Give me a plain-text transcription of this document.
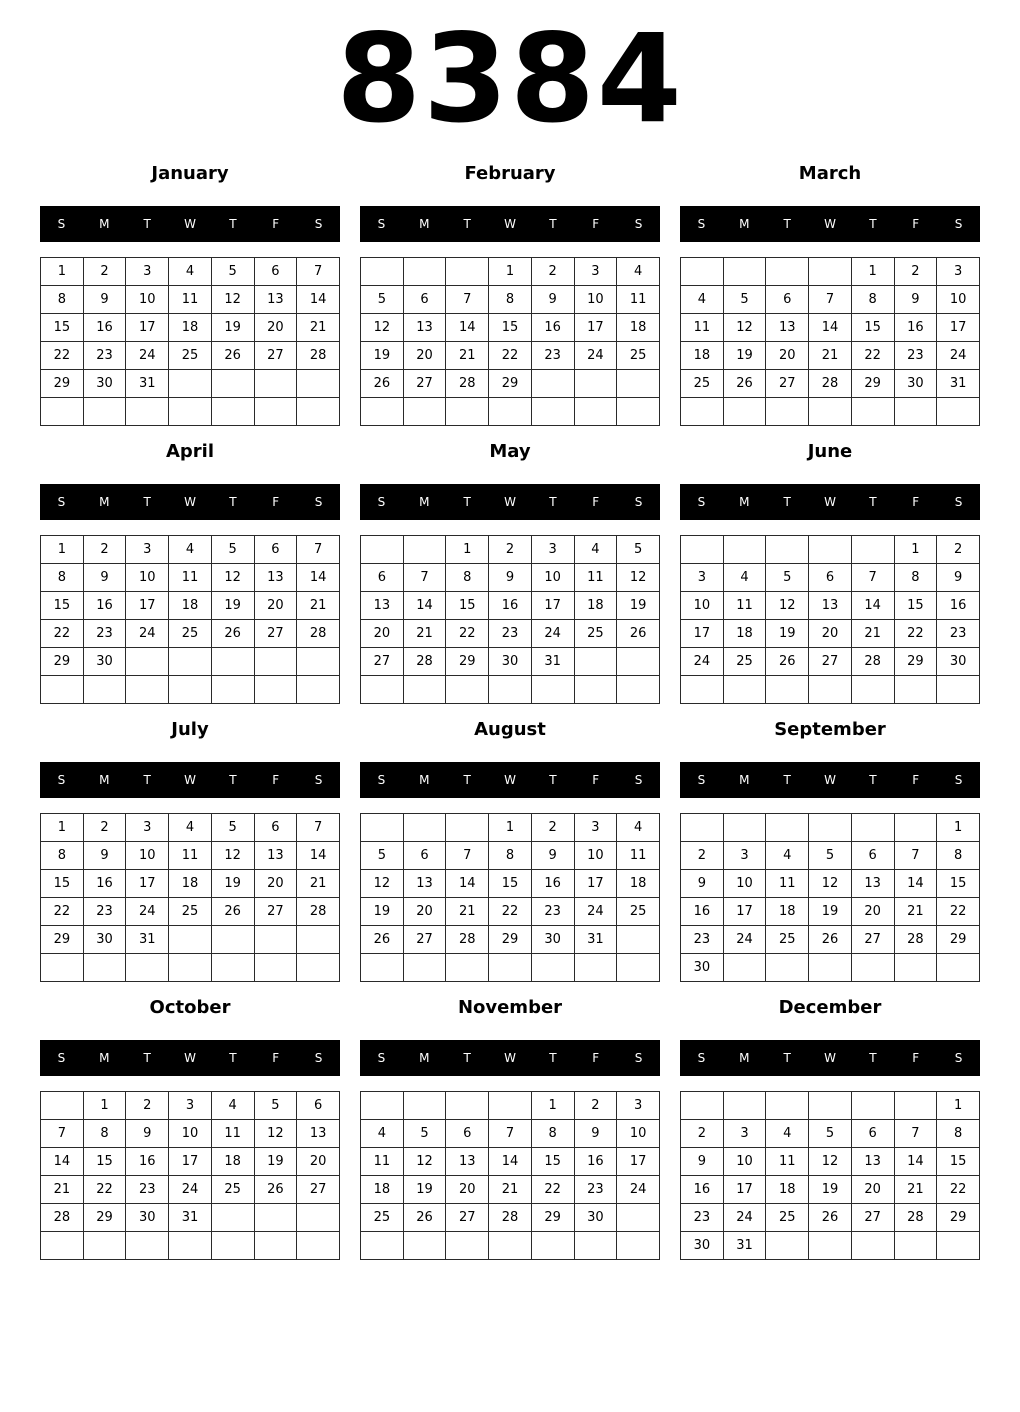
8384
January
S	M	T	W	T	F	S
1	2	3	4	5	6	7
8	9	10	11	12	13	14
15	16	17	18	19	20	21
22	23	24	25	26	27	28
29	30	31				

February
S	M	T	W	T	F	S
			1	2	3	4
5	6	7	8	9	10	11
12	13	14	15	16	17	18
19	20	21	22	23	24	25
26	27	28	29			

March
S	M	T	W	T	F	S
				1	2	3
4	5	6	7	8	9	10
11	12	13	14	15	16	17
18	19	20	21	22	23	24
25	26	27	28	29	30	31

April
S	M	T	W	T	F	S
1	2	3	4	5	6	7
8	9	10	11	12	13	14
15	16	17	18	19	20	21
22	23	24	25	26	27	28
29	30					

May
S	M	T	W	T	F	S
		1	2	3	4	5
6	7	8	9	10	11	12
13	14	15	16	17	18	19
20	21	22	23	24	25	26
27	28	29	30	31		

June
S	M	T	W	T	F	S
					1	2
3	4	5	6	7	8	9
10	11	12	13	14	15	16
17	18	19	20	21	22	23
24	25	26	27	28	29	30

July
S	M	T	W	T	F	S
1	2	3	4	5	6	7
8	9	10	11	12	13	14
15	16	17	18	19	20	21
22	23	24	25	26	27	28
29	30	31				

August
S	M	T	W	T	F	S
			1	2	3	4
5	6	7	8	9	10	11
12	13	14	15	16	17	18
19	20	21	22	23	24	25
26	27	28	29	30	31	

September
S	M	T	W	T	F	S
						1
2	3	4	5	6	7	8
9	10	11	12	13	14	15
16	17	18	19	20	21	22
23	24	25	26	27	28	29
30						
October
S	M	T	W	T	F	S
	1	2	3	4	5	6
7	8	9	10	11	12	13
14	15	16	17	18	19	20
21	22	23	24	25	26	27
28	29	30	31			

November
S	M	T	W	T	F	S
				1	2	3
4	5	6	7	8	9	10
11	12	13	14	15	16	17
18	19	20	21	22	23	24
25	26	27	28	29	30	

December
S	M	T	W	T	F	S
						1
2	3	4	5	6	7	8
9	10	11	12	13	14	15
16	17	18	19	20	21	22
23	24	25	26	27	28	29
30	31					
